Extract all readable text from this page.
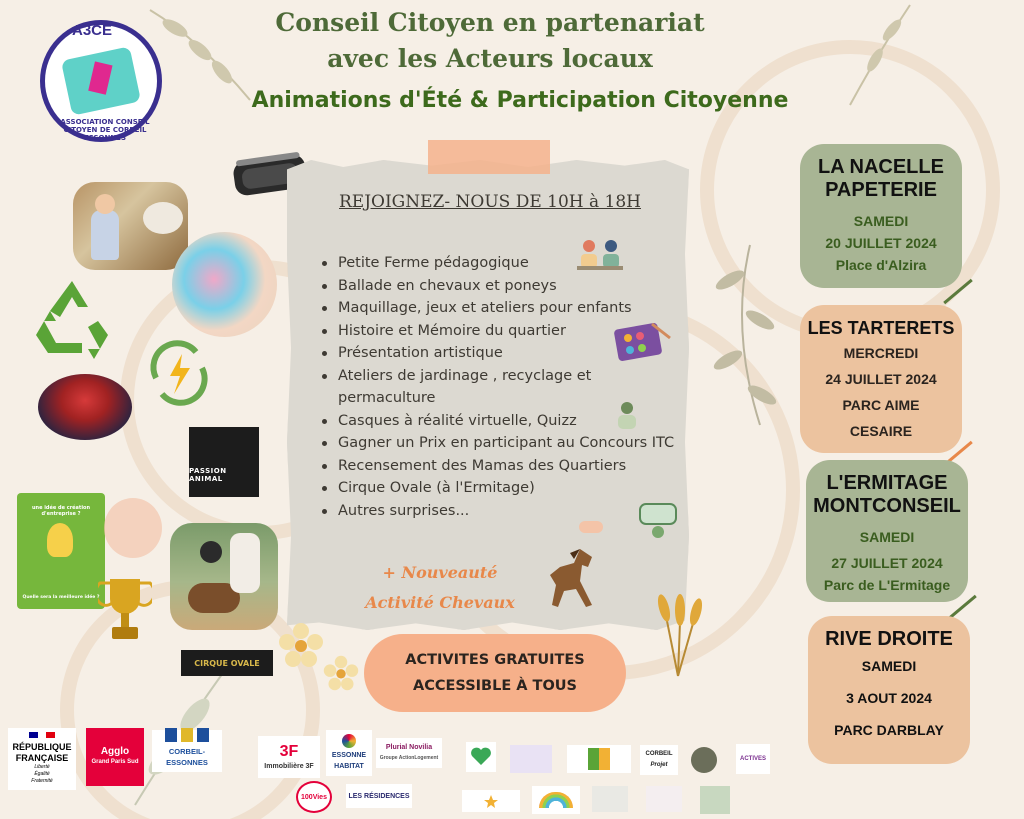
Conseil Citoyen en partenariat
avec les Acteurs locaux
Animations d'Été & Participation Citoyenne
A3CE
ASSOCIATION CONSEIL CITOYEN DE CORBEIL ESSONNES
PASSION ANIMAL
une idée de création d'entreprise ?
Quelle sera la meilleure idée ?
CIRQUE OVALE
REJOIGNEZ- NOUS DE 10H à 18H
Petite Ferme pédagogique
Ballade en chevaux et poneys
Maquillage, jeux et ateliers pour enfants
Histoire et Mémoire du quartier
Présentation artistique
Ateliers de jardinage , recyclage et permaculture
Casques à réalité virtuelle, Quizz
Gagner un Prix en participant au Concours ITC
Recensement des Mamas des Quartiers
Cirque Ovale (à l'Ermitage)
Autres surprises...
+ Nouveauté
Activité Chevaux
ACTIVITES GRATUITES
ACCESSIBLE À TOUS
LA NACELLE
PAPETERIE
SAMEDI
20 JUILLET 2024
Place d'Alzira
LES TARTERETS
MERCREDI
24 JUILLET 2024
PARC AIME
CESAIRE
L'ERMITAGE
MONTCONSEIL
SAMEDI
27 JUILLET 2024
Parc de L'Ermitage
RIVE DROITE
SAMEDI
3 AOUT 2024
PARC DARBLAY
RÉPUBLIQUE
FRANÇAISE
Liberté
Égalité
Fraternité
Agglo
Grand Paris Sud
CORBEIL-ESSONNES
3F
Immobilière 3F
ESSONNE
HABITAT
Plurial Novilia
Groupe ActionLogement
100Vies	LES RÉSIDENCES
CORBEIL
Projet
ACTIVES
